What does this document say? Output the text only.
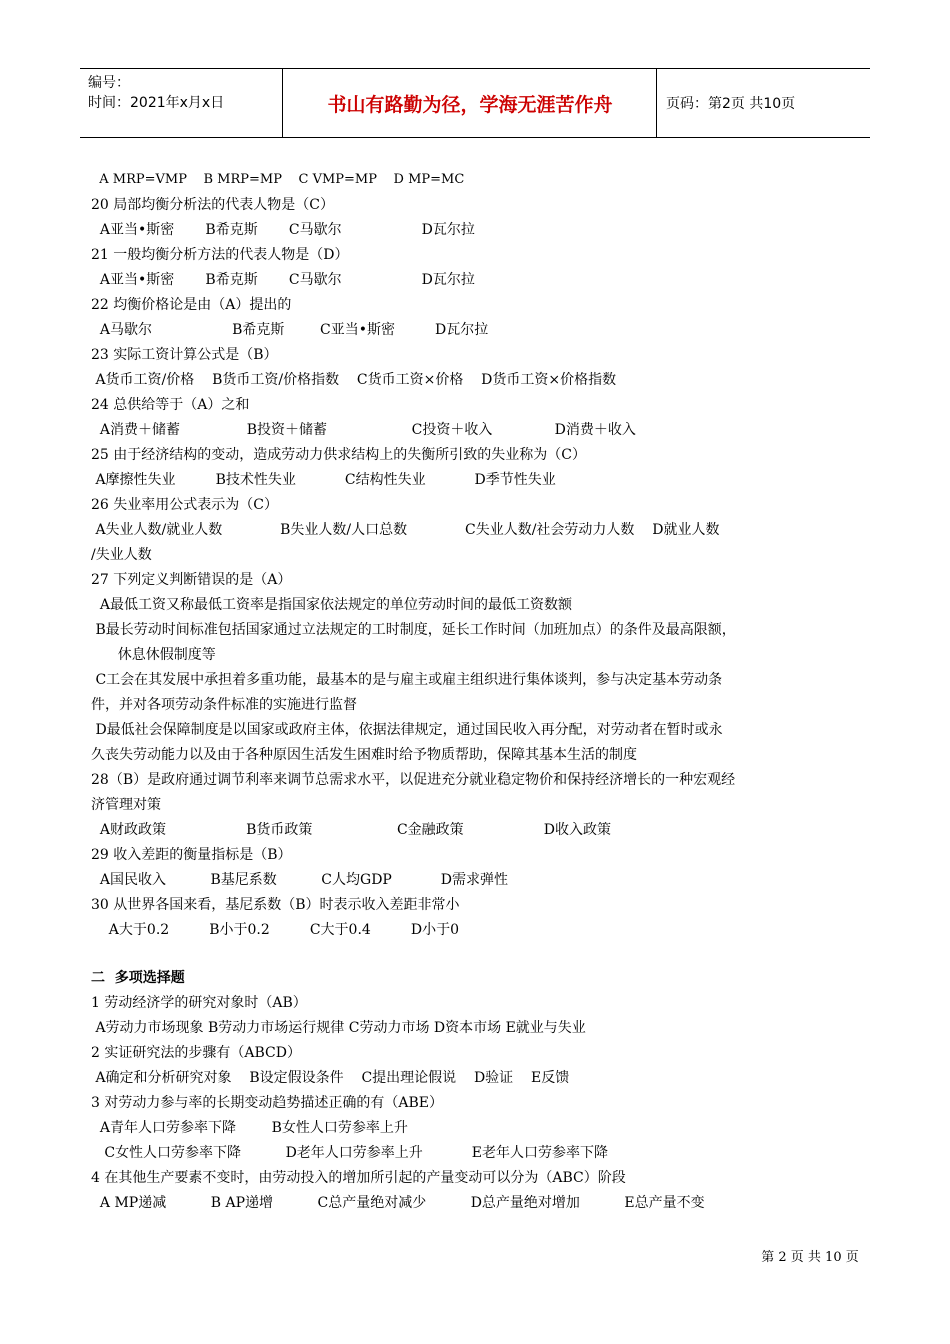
编号：
时间：2021年x月x日	书山有路勤为径，学海无涯苦作舟	页码：第2页 共10页
A MRP=VMP    B MRP=MP    C VMP=MP    D MP=MC
20 局部均衡分析法的代表人物是（C）
A亚当•斯密       B希克斯       C马歇尔                  D瓦尔拉
21 一般均衡分析方法的代表人物是（D）
A亚当•斯密       B希克斯       C马歇尔                  D瓦尔拉
22 均衡价格论是由（A）提出的
A马歇尔                  B希克斯        C亚当•斯密         D瓦尔拉
23 实际工资计算公式是（B）
A货币工资/价格    B货币工资/价格指数    C货币工资×价格    D货币工资×价格指数
24 总供给等于（A）之和
A消费＋储蓄               B投资＋储蓄                   C投资＋收入              D消费＋收入
25 由于经济结构的变动，造成劳动力供求结构上的失衡所引致的失业称为（C）
A摩擦性失业         B技术性失业           C结构性失业           D季节性失业
26 失业率用公式表示为（C）
A失业人数/就业人数             B失业人数/人口总数             C失业人数/社会劳动力人数    D就业人数
/失业人数
27 下列定义判断错误的是（A）
A最低工资又称最低工资率是指国家依法规定的单位劳动时间的最低工资数额
B最长劳动时间标准包括国家通过立法规定的工时制度，延长工作时间（加班加点）的条件及最高限额，
休息休假制度等
C工会在其发展中承担着多重功能，最基本的是与雇主或雇主组织进行集体谈判，参与决定基本劳动条
件，并对各项劳动条件标准的实施进行监督
D最低社会保障制度是以国家或政府主体，依据法律规定，通过国民收入再分配，对劳动者在暂时或永
久丧失劳动能力以及由于各种原因生活发生困难时给予物质帮助，保障其基本生活的制度
28（B）是政府通过调节利率来调节总需求水平，以促进充分就业稳定物价和保持经济增长的一种宏观经
济管理对策
A财政政策                  B货币政策                   C金融政策                  D收入政策
29 收入差距的衡量指标是（B）
A国民收入          B基尼系数          C人均GDP           D需求弹性
30 从世界各国来看，基尼系数（B）时表示收入差距非常小
A大于0.2         B小于0.2         C大于0.4         D小于0
二  多项选择题
1 劳动经济学的研究对象时（AB）
A劳动力市场现象 B劳动力市场运行规律 C劳动力市场 D资本市场 E就业与失业
2 实证研究法的步骤有（ABCD）
A确定和分析研究对象    B设定假设条件    C提出理论假说    D验证    E反馈
3 对劳动力参与率的长期变动趋势描述正确的有（ABE）
A青年人口劳参率下降        B女性人口劳参率上升
C女性人口劳参率下降          D老年人口劳参率上升           E老年人口劳参率下降
4 在其他生产要素不变时，由劳动投入的增加所引起的产量变动可以分为（ABC）阶段
A MP递减          B AP递增          C总产量绝对减少          D总产量绝对增加          E总产量不变
第 2 页 共 10 页
